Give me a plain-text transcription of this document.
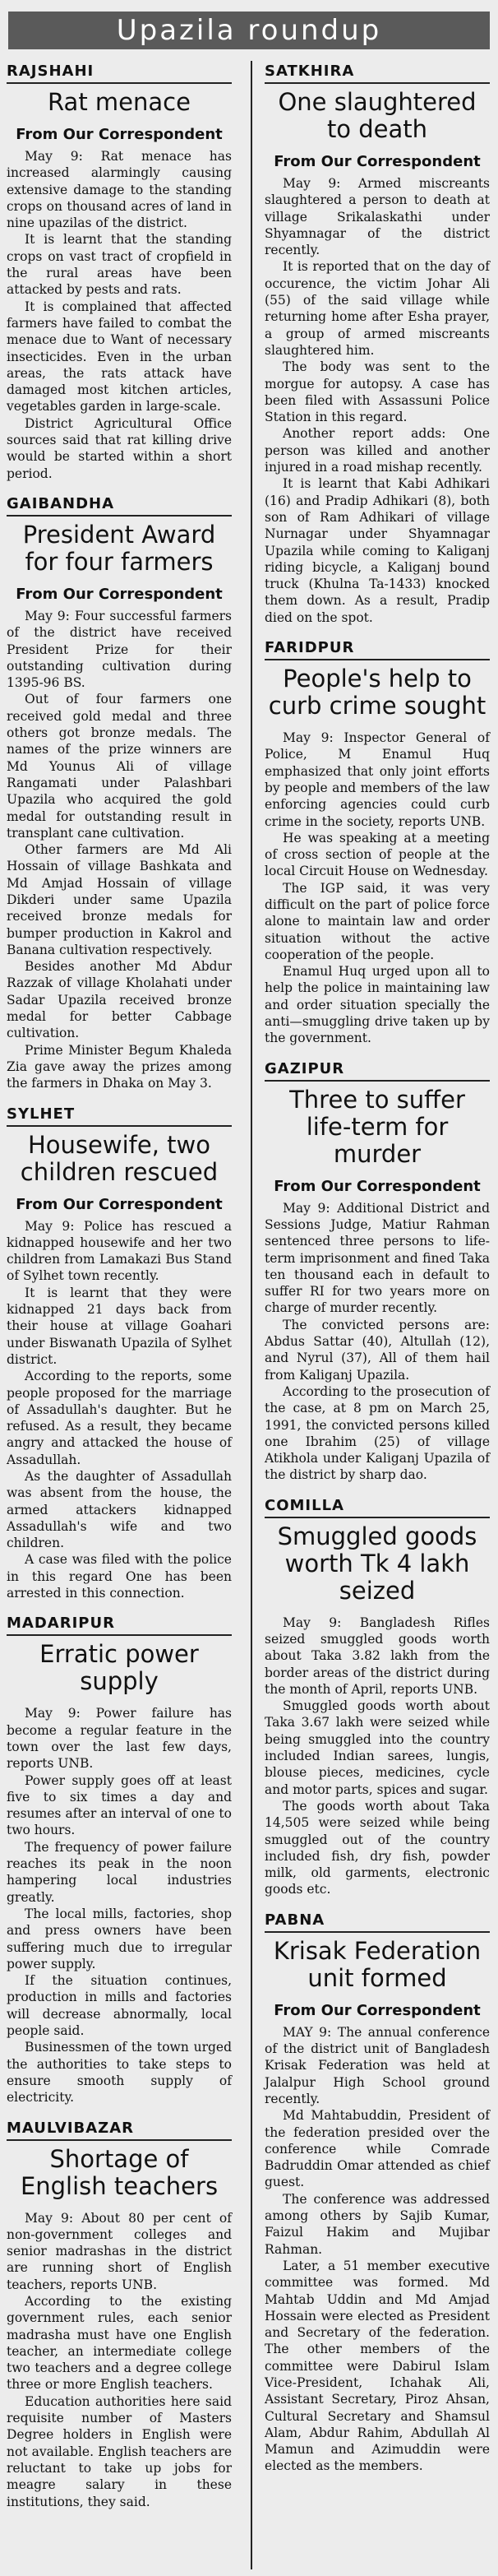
Upazila roundup
RAJSHAHI
Rat menace
From Our Correspondent

May 9: Rat menace has increased alarmingly causing extensive damage to the standing crops on thousand acres of land in nine upazilas of the district.

It is learnt that the standing crops on vast tract of cropfield in the rural areas have been attacked by pests and rats.

It is complained that affected farmers have failed to combat the menace due to Want of necessary insecticides. Even in the urban areas, the rats attack have damaged most kitchen articles, vegetables garden in large-scale.

District Agricultural Office sources said that rat killing drive would be started within a short period.

GAIBANDHA
President Award for four farmers
From Our Correspondent

May 9: Four successful farmers of the district have received President Prize for their outstanding cultivation during 1395-96 BS.

Out of four farmers one received gold medal and three others got bronze medals. The names of the prize winners are Md Younus Ali of village Rangamati under Palashbari Upazila who acquired the gold medal for outstanding result in transplant cane cultivation.

Other farmers are Md Ali Hossain of village Bashkata and Md Amjad Hossain of village Dikderi under same Upazila received bronze medals for bumper production in Kakrol and Banana cultivation respectively.

Besides another Md Abdur Razzak of village Kholahati under Sadar Upazila received bronze medal for better Cabbage cultivation.

Prime Minister Begum Khaleda Zia gave away the prizes among the farmers in Dhaka on May 3.

SYLHET
Housewife, two children rescued
From Our Correspondent

May 9: Police has rescued a kidnapped housewife and her two children from Lamakazi Bus Stand of Sylhet town recently.

It is learnt that they were kidnapped 21 days back from their house at village Goahari under Biswanath Upazila of Sylhet district.

According to the reports, some people proposed for the marriage of Assadullah's daughter. But he refused. As a result, they became angry and attacked the house of Assadullah.

As the daughter of Assadullah was absent from the house, the armed attackers kidnapped Assadullah's wife and two children.

A case was filed with the police in this regard One has been arrested in this connection.

MADARIPUR
Erratic power supply

May 9: Power failure has become a regular feature in the town over the last few days, reports UNB.

Power supply goes off at least five to six times a day and resumes after an interval of one to two hours.

The frequency of power failure reaches its peak in the noon hampering local industries greatly.

The local mills, factories, shop and press owners have been suffering much due to irregular power supply.

If the situation continues, production in mills and factories will decrease abnormally, local people said.

Businessmen of the town urged the authorities to take steps to ensure smooth supply of electricity.

MAULVIBAZAR
Shortage of English teachers

May 9: About 80 per cent of non-government colleges and senior madrashas in the district are running short of English teachers, reports UNB.

According to the existing government rules, each senior madrasha must have one English teacher, an intermediate college two teachers and a degree college three or more English teachers.

Education authorities here said requisite number of Masters Degree holders in English were not available. English teachers are reluctant to take up jobs for meagre salary in these institutions, they said.

SATKHIRA
One slaughtered to death
From Our Correspondent

May 9: Armed miscreants slaughtered a person to death at village Srikalaskathi under Shyamnagar of the district recently.

It is reported that on the day of occurence, the victim Johar Ali (55) of the said village while returning home after Esha prayer, a group of armed miscreants slaughtered him.

The body was sent to the morgue for autopsy. A case has been filed with Assassuni Police Station in this regard.

Another report adds: One person was killed and another injured in a road mishap recently.

It is learnt that Kabi Adhikari (16) and Pradip Adhikari (8), both son of Ram Adhikari of village Nurnagar under Shyamnagar Upazila while coming to Kaliganj riding bicycle, a Kaliganj bound truck (Khulna Ta-1433) knocked them down. As a result, Pradip died on the spot.

FARIDPUR
People's help to curb crime sought

May 9: Inspector General of Police, M Enamul Huq emphasized that only joint efforts by people and members of the law enforcing agencies could curb crime in the society, reports UNB.

He was speaking at a meeting of cross section of people at the local Circuit House on Wednesday.

The IGP said, it was very difficult on the part of police force alone to maintain law and order situation without the active cooperation of the people.

Enamul Huq urged upon all to help the police in maintaining law and order situation specially the anti—smuggling drive taken up by the government.

GAZIPUR
Three to suffer life-term for murder
From Our Correspondent

May 9: Additional District and Sessions Judge, Matiur Rahman sentenced three persons to life-term imprisonment and fined Taka ten thousand each in default to suffer RI for two years more on charge of murder recently.

The convicted persons are: Abdus Sattar (40), Altullah (12), and Nyrul (37), All of them hail from Kaliganj Upazila.

According to the prosecution of the case, at 8 pm on March 25, 1991, the convicted persons killed one Ibrahim (25) of village Atikhola under Kaliganj Upazila of the district by sharp dao.

COMILLA
Smuggled goods worth Tk 4 lakh seized

May 9: Bangladesh Rifles seized smuggled goods worth about Taka 3.82 lakh from the border areas of the district during the month of April, reports UNB.

Smuggled goods worth about Taka 3.67 lakh were seized while being smuggled into the country included Indian sarees, lungis, blouse pieces, medicines, cycle and motor parts, spices and sugar.

The goods worth about Taka 14,505 were seized while being smuggled out of the country included fish, dry fish, powder milk, old garments, electronic goods etc.

PABNA
Krisak Federation unit formed
From Our Correspondent

MAY 9: The annual conference of the district unit of Bangladesh Krisak Federation was held at Jalalpur High School ground recently.

Md Mahtabuddin, President of the federation presided over the conference while Comrade Badruddin Omar attended as chief guest.

The conference was addressed among others by Sajib Kumar, Faizul Hakim and Mujibar Rahman.

Later, a 51 member executive committee was formed. Md Mahtab Uddin and Md Amjad Hossain were elected as President and Secretary of the federation. The other members of the committee were Dabirul Islam Vice-President, Ichahak Ali, Assistant Secretary, Piroz Ahsan, Cultural Secretary and Shamsul Alam, Abdur Rahim, Abdullah Al Mamun and Azimuddin were elected as the members.
